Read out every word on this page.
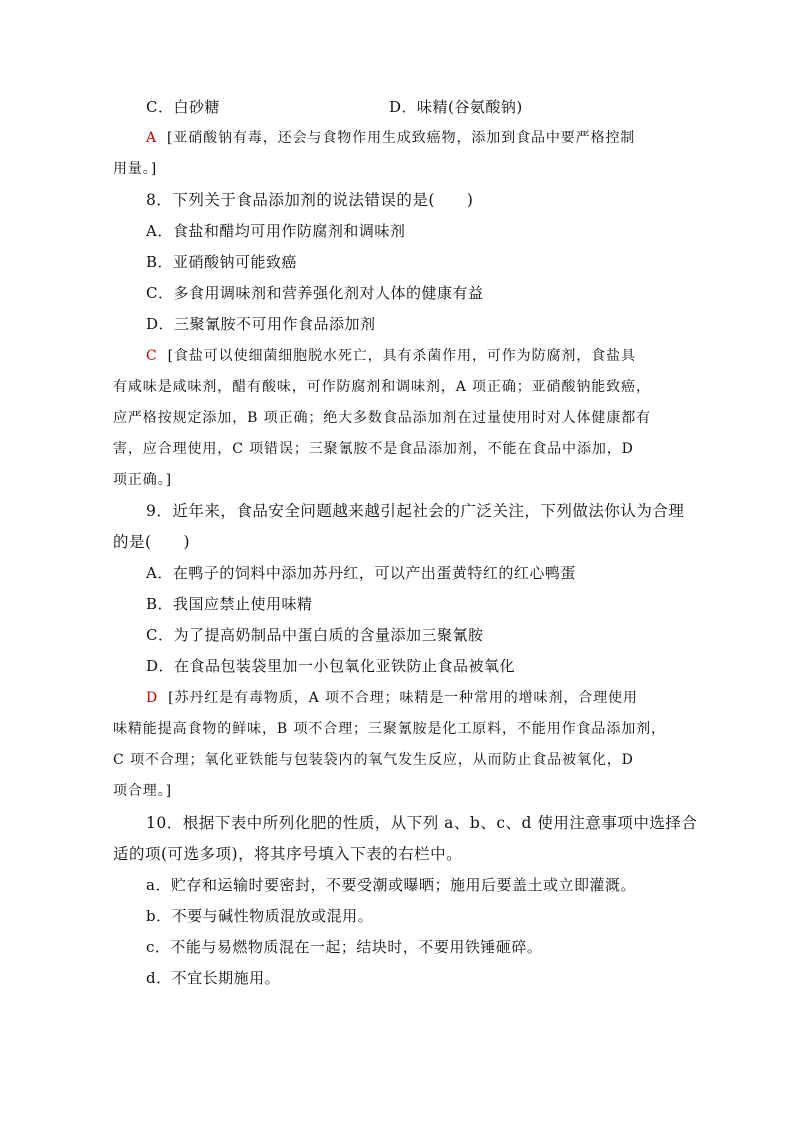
C．白砂糖	D．味精(谷氨酸钠)
A [亚硝酸钠有毒，还会与食物作用生成致癌物，添加到食品中要严格控制
用量。]
8．下列关于食品添加剂的说法错误的是(　　)
A．食盐和醋均可用作防腐剂和调味剂
B．亚硝酸钠可能致癌
C．多食用调味剂和营养强化剂对人体的健康有益
D．三聚氰胺不可用作食品添加剂
C [食盐可以使细菌细胞脱水死亡，具有杀菌作用，可作为防腐剂，食盐具
有咸味是咸味剂，醋有酸味，可作防腐剂和调味剂，A 项正确；亚硝酸钠能致癌，
应严格按规定添加，B 项正确；绝大多数食品添加剂在过量使用时对人体健康都有
害，应合理使用，C 项错误；三聚氰胺不是食品添加剂，不能在食品中添加，D
项正确。]
9．近年来，食品安全问题越来越引起社会的广泛关注，下列做法你认为合理
的是(　　)
A．在鸭子的饲料中添加苏丹红，可以产出蛋黄特红的红心鸭蛋
B．我国应禁止使用味精
C．为了提高奶制品中蛋白质的含量添加三聚氰胺
D．在食品包装袋里加一小包氧化亚铁防止食品被氧化
D [苏丹红是有毒物质，A 项不合理；味精是一种常用的增味剂，合理使用
味精能提高食物的鲜味，B 项不合理；三聚氰胺是化工原料，不能用作食品添加剂，
C 项不合理；氧化亚铁能与包装袋内的氧气发生反应，从而防止食品被氧化，D
项合理。]
10．根据下表中所列化肥的性质，从下列 a、b、c、d 使用注意事项中选择合
适的项(可选多项)，将其序号填入下表的右栏中。
a．贮存和运输时要密封，不要受潮或曝晒；施用后要盖土或立即灌溉。
b．不要与碱性物质混放或混用。
c．不能与易燃物质混在一起；结块时，不要用铁锤砸碎。
d．不宜长期施用。
